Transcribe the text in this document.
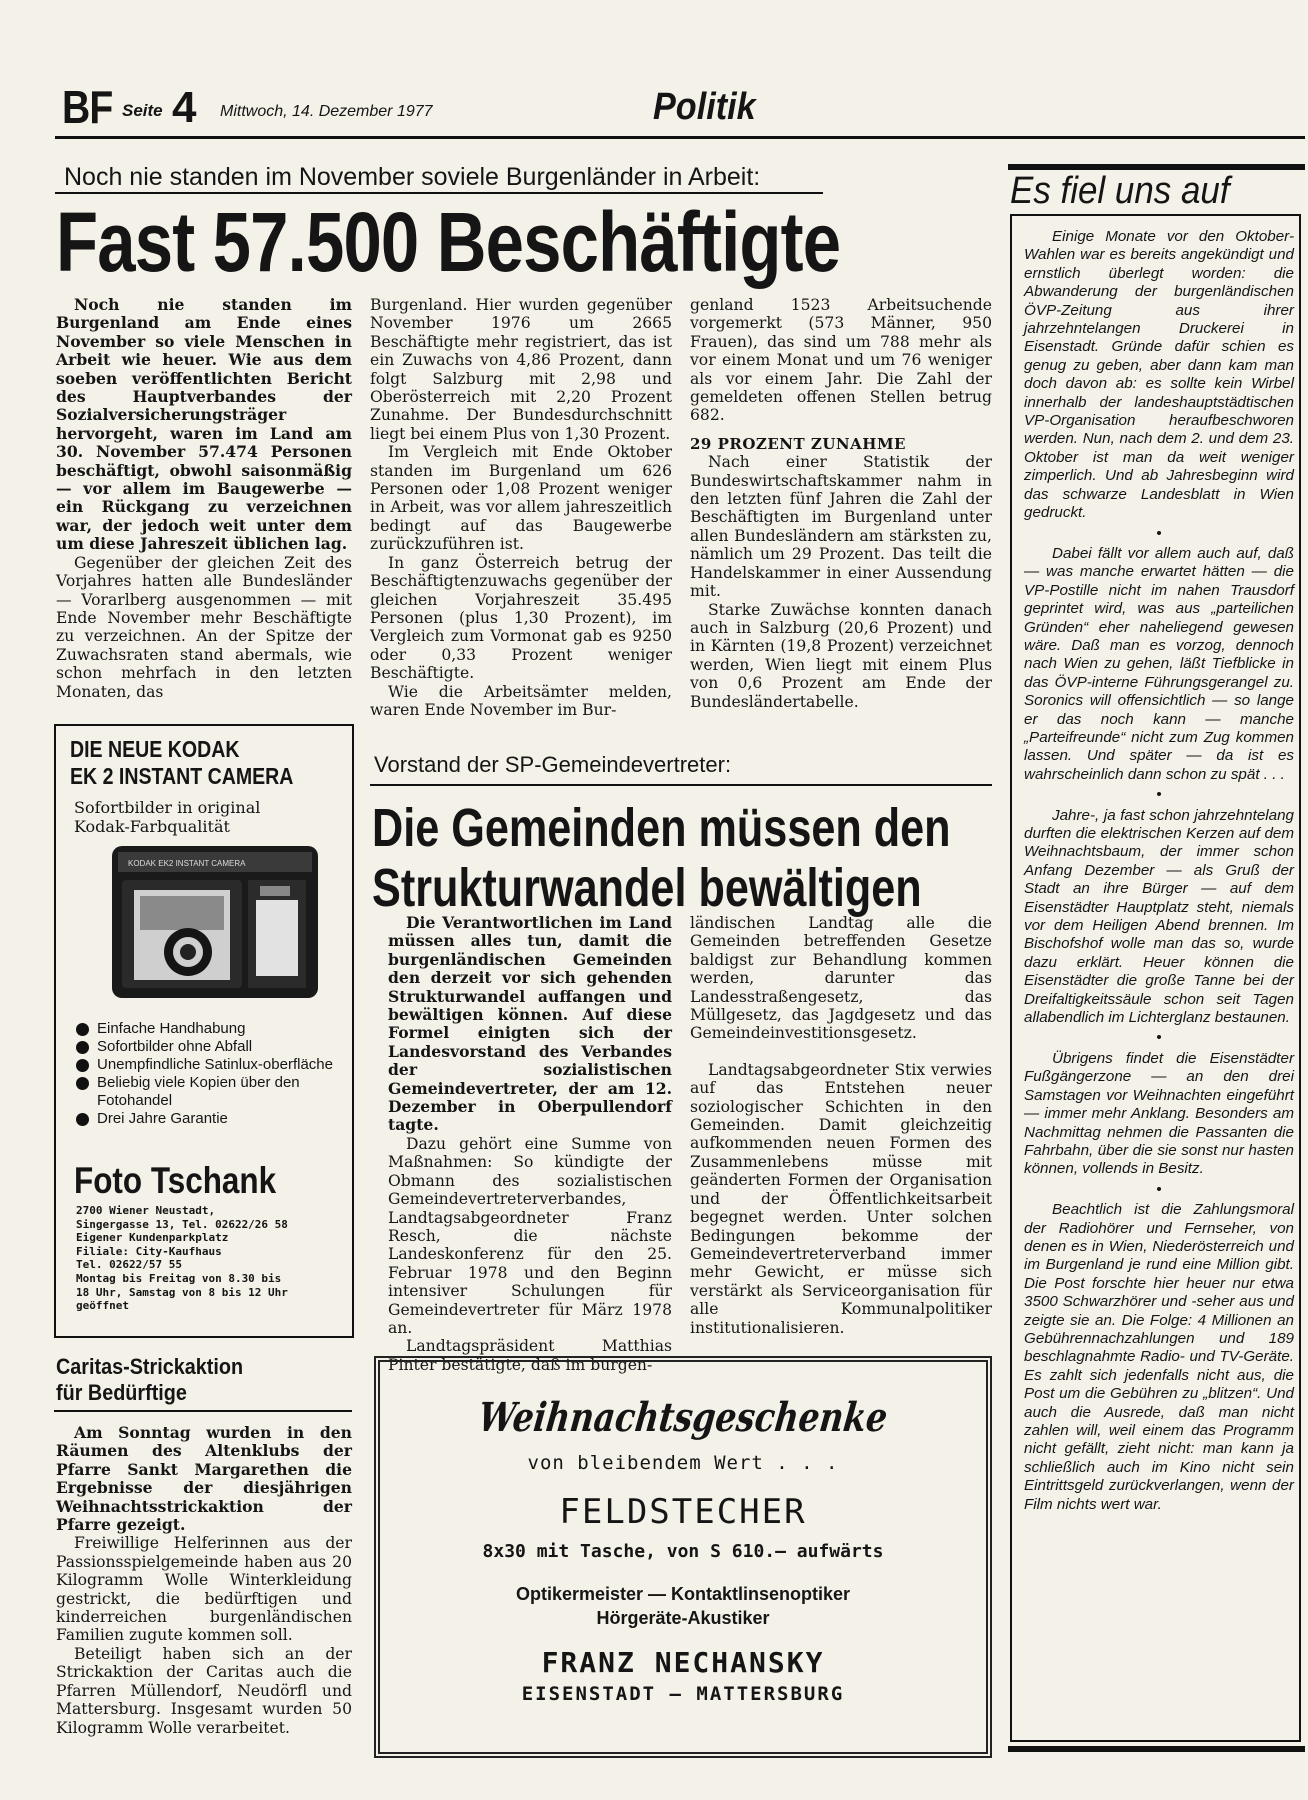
BF Seite 4 Mittwoch, 14. Dezember 1977	Politik
Noch nie standen im November soviele Burgenländer in Arbeit:
Fast 57.500 Beschäftigte

Noch nie standen im Burgenland am Ende eines November so viele Menschen in Arbeit wie heuer. Wie aus dem soeben veröffentlichten Bericht des Hauptverbandes der Sozialversicherungsträger hervorgeht, waren im Land am 30. November 57.474 Personen beschäftigt, obwohl saisonmäßig — vor allem im Baugewerbe — ein Rückgang zu verzeichnen war, der jedoch weit unter dem um diese Jahreszeit üblichen lag.

Gegenüber der gleichen Zeit des Vorjahres hatten alle Bundesländer — Vorarlberg ausgenommen — mit Ende November mehr Beschäftigte zu verzeichnen. An der Spitze der Zuwachsraten stand abermals, wie schon mehrfach in den letzten Monaten, das

Burgenland. Hier wurden gegenüber November 1976 um 2665 Beschäftigte mehr registriert, das ist ein Zuwachs von 4,86 Prozent, dann folgt Salzburg mit 2,98 und Oberösterreich mit 2,20 Prozent Zunahme. Der Bundesdurchschnitt liegt bei einem Plus von 1,30 Prozent.

Im Vergleich mit Ende Oktober standen im Burgenland um 626 Personen oder 1,08 Prozent weniger in Arbeit, was vor allem jahreszeitlich bedingt auf das Baugewerbe zurückzuführen ist.

In ganz Österreich betrug der Beschäftigtenzuwachs gegenüber der gleichen Vorjahreszeit 35.495 Personen (plus 1,30 Prozent), im Vergleich zum Vormonat gab es 9250 oder 0,33 Prozent weniger Beschäftigte.

Wie die Arbeitsämter melden, waren Ende November im Bur-

genland 1523 Arbeitsuchende vorgemerkt (573 Männer, 950 Frauen), das sind um 788 mehr als vor einem Monat und um 76 weniger als vor einem Jahr. Die Zahl der gemeldeten offenen Stellen betrug 682.

29 PROZENT ZUNAHME

Nach einer Statistik der Bundeswirtschaftskammer nahm in den letzten fünf Jahren die Zahl der Beschäftigten im Burgenland unter allen Bundesländern am stärksten zu, nämlich um 29 Prozent. Das teilt die Handelskammer in einer Aussendung mit.

Starke Zuwächse konnten danach auch in Salzburg (20,6 Prozent) und in Kärnten (19,8 Prozent) verzeichnet werden, Wien liegt mit einem Plus von 0,6 Prozent am Ende der Bundesländertabelle.

Vorstand der SP-Gemeindevertreter:
Die Gemeinden müssen den
Strukturwandel bewältigen

Die Verantwortlichen im Land müssen alles tun, damit die burgenländischen Gemeinden den derzeit vor sich gehenden Strukturwandel auffangen und bewältigen können. Auf diese Formel einigten sich der Landesvorstand des Verbandes der sozialistischen Gemeindevertreter, der am 12. Dezember in Oberpullendorf tagte.

Dazu gehört eine Summe von Maßnahmen: So kündigte der Obmann des sozialistischen Gemeindevertreterverbandes, Landtagsabgeordneter Franz Resch, die nächste Landeskonferenz für den 25. Februar 1978 und den Beginn intensiver Schulungen für Gemeindevertreter für März 1978 an.

Landtagspräsident Matthias Pinter bestätigte, daß im burgen-

ländischen Landtag alle die Gemeinden betreffenden Gesetze baldigst zur Behandlung kommen werden, darunter das Landesstraßengesetz, das Müllgesetz, das Jagdgesetz und das Gemeindeinvestitionsgesetz.

Landtagsabgeordneter Stix verwies auf das Entstehen neuer soziologischer Schichten in den Gemeinden. Damit gleichzeitig aufkommenden neuen Formen des Zusammenlebens müsse mit geänderten Formen der Organisation und der Öffentlichkeitsarbeit begegnet werden. Unter solchen Bedingungen bekomme der Gemeindevertreterverband immer mehr Gewicht, er müsse sich verstärkt als Serviceorganisation für alle Kommunalpolitiker institutionalisieren.

DIE NEUE KODAK
EK 2 INSTANT CAMERA
Sofortbilder in original
Kodak-Farbqualität
KODAK EK2 INSTANT CAMERA
Einfache Handhabung
Sofortbilder ohne Abfall
Unempfindliche Satinlux-oberfläche
Beliebig viele Kopien über den Fotohandel
Drei Jahre Garantie
Foto Tschank
2700 Wiener Neustadt,
Singergasse 13, Tel. 02622/26 58
Eigener Kundenparkplatz
Filiale: City-Kaufhaus
Tel. 02622/57 55
Montag bis Freitag von 8.30 bis
18 Uhr, Samstag von 8 bis 12 Uhr
geöffnet
Caritas-Strickaktion
für Bedürftige

Am Sonntag wurden in den Räumen des Altenklubs der Pfarre Sankt Margarethen die Ergebnisse der diesjährigen Weihnachtsstrickaktion der Pfarre gezeigt.

Freiwillige Helferinnen aus der Passionsspielgemeinde haben aus 20 Kilogramm Wolle Winterkleidung gestrickt, die bedürftigen und kinderreichen burgenländischen Familien zugute kommen soll.

Beteiligt haben sich an der Strickaktion der Caritas auch die Pfarren Müllendorf, Neudörfl und Mattersburg. Insgesamt wurden 50 Kilogramm Wolle verarbeitet.

Weihnachtsgeschenke
von bleibendem Wert . . .
FELDSTECHER
8x30 mit Tasche, von S 610.— aufwärts
Optikermeister — Kontaktlinsenoptiker
Hörgeräte-Akustiker
FRANZ NECHANSKY
EISENSTADT — MATTERSBURG
Es fiel uns auf

Einige Monate vor den Oktober-Wahlen war es bereits angekündigt und ernstlich überlegt worden: die Abwanderung der burgenländischen ÖVP-Zeitung aus ihrer jahrzehntelangen Druckerei in Eisenstadt. Gründe dafür schien es genug zu geben, aber dann kam man doch davon ab: es sollte kein Wirbel innerhalb der landeshauptstädtischen VP-Organisation heraufbeschworen werden. Nun, nach dem 2. und dem 23. Oktober ist man da weit weniger zimperlich. Und ab Jahresbeginn wird das schwarze Landesblatt in Wien gedruckt.

•

Dabei fällt vor allem auch auf, daß — was manche erwartet hätten — die VP-Postille nicht im nahen Trausdorf geprintet wird, was aus „parteilichen Gründen“ eher naheliegend gewesen wäre. Daß man es vorzog, dennoch nach Wien zu gehen, läßt Tiefblicke in das ÖVP-interne Führungsgerangel zu. Soronics will offensichtlich — so lange er das noch kann — manche „Parteifreunde“ nicht zum Zug kommen lassen. Und später — da ist es wahrscheinlich dann schon zu spät . . .

•

Jahre-, ja fast schon jahrzehntelang durften die elektrischen Kerzen auf dem Weihnachtsbaum, der immer schon Anfang Dezember — als Gruß der Stadt an ihre Bürger — auf dem Eisenstädter Hauptplatz steht, niemals vor dem Heiligen Abend brennen. Im Bischofshof wolle man das so, wurde dazu erklärt. Heuer können die Eisenstädter die große Tanne bei der Dreifaltigkeitssäule schon seit Tagen allabendlich im Lichterglanz bestaunen.

•

Übrigens findet die Eisenstädter Fußgängerzone — an den drei Samstagen vor Weihnachten eingeführt — immer mehr Anklang. Besonders am Nachmittag nehmen die Passanten die Fahrbahn, über die sie sonst nur hasten können, vollends in Besitz.

•

Beachtlich ist die Zahlungsmoral der Radiohörer und Fernseher, von denen es in Wien, Niederösterreich und im Burgenland je rund eine Million gibt. Die Post forschte hier heuer nur etwa 3500 Schwarzhörer und -seher aus und zeigte sie an. Die Folge: 4 Millionen an Gebührennachzahlungen und 189 beschlagnahmte Radio- und TV-Geräte. Es zahlt sich jedenfalls nicht aus, die Post um die Gebühren zu „blitzen“. Und auch die Ausrede, daß man nicht zahlen will, weil einem das Programm nicht gefällt, zieht nicht: man kann ja schließlich auch im Kino nicht sein Eintrittsgeld zurückverlangen, wenn der Film nichts wert war.
